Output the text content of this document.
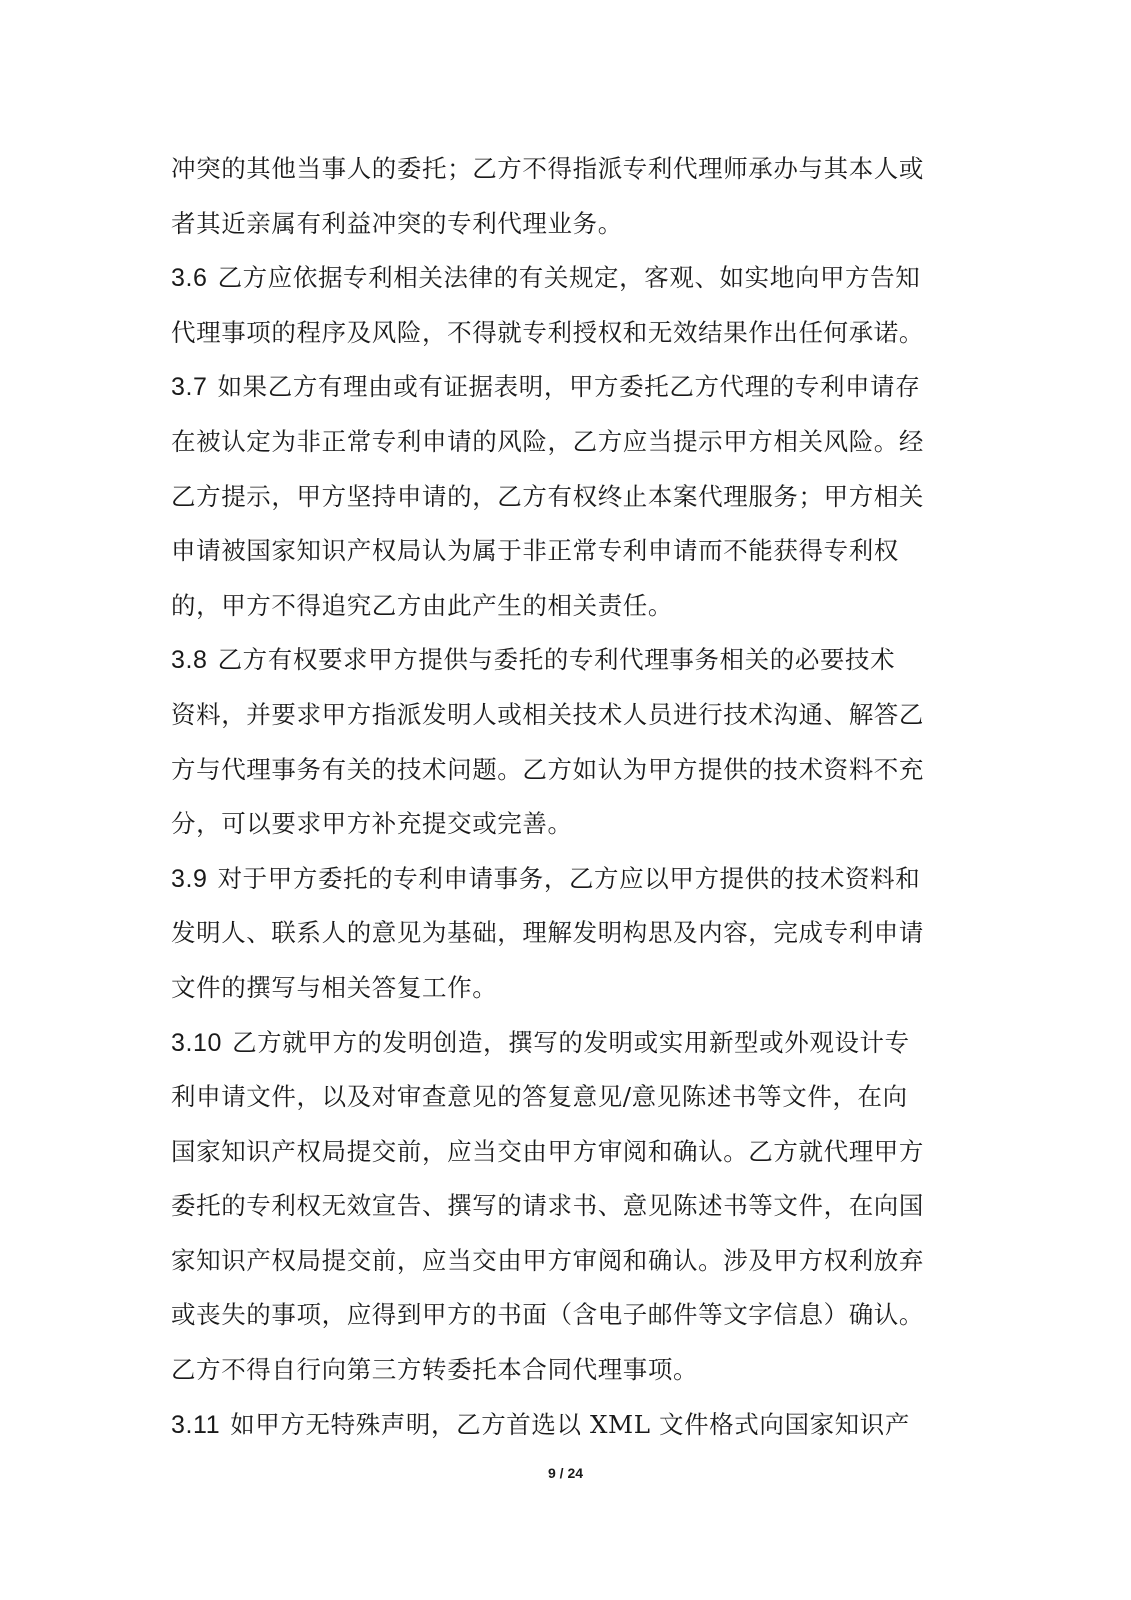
冲突的其他当事人的委托；乙方不得指派专利代理师承办与其本人或
者其近亲属有利益冲突的专利代理业务。
3.6 乙方应依据专利相关法律的有关规定，客观、如实地向甲方告知
代理事项的程序及风险，不得就专利授权和无效结果作出任何承诺。
3.7 如果乙方有理由或有证据表明，甲方委托乙方代理的专利申请存
在被认定为非正常专利申请的风险，乙方应当提示甲方相关风险。经
乙方提示，甲方坚持申请的，乙方有权终止本案代理服务；甲方相关
申请被国家知识产权局认为属于非正常专利申请而不能获得专利权
的，甲方不得追究乙方由此产生的相关责任。
3.8 乙方有权要求甲方提供与委托的专利代理事务相关的必要技术
资料，并要求甲方指派发明人或相关技术人员进行技术沟通、解答乙
方与代理事务有关的技术问题。乙方如认为甲方提供的技术资料不充
分，可以要求甲方补充提交或完善。
3.9 对于甲方委托的专利申请事务，乙方应以甲方提供的技术资料和
发明人、联系人的意见为基础，理解发明构思及内容，完成专利申请
文件的撰写与相关答复工作。
3.10 乙方就甲方的发明创造，撰写的发明或实用新型或外观设计专
利申请文件，以及对审查意见的答复意见/意见陈述书等文件，在向
国家知识产权局提交前，应当交由甲方审阅和确认。乙方就代理甲方
委托的专利权无效宣告、撰写的请求书、意见陈述书等文件，在向国
家知识产权局提交前，应当交由甲方审阅和确认。涉及甲方权利放弃
或丧失的事项，应得到甲方的书面（含电子邮件等文字信息）确认。
乙方不得自行向第三方转委托本合同代理事项。
3.11 如甲方无特殊声明，乙方首选以 XML 文件格式向国家知识产
9 / 24
